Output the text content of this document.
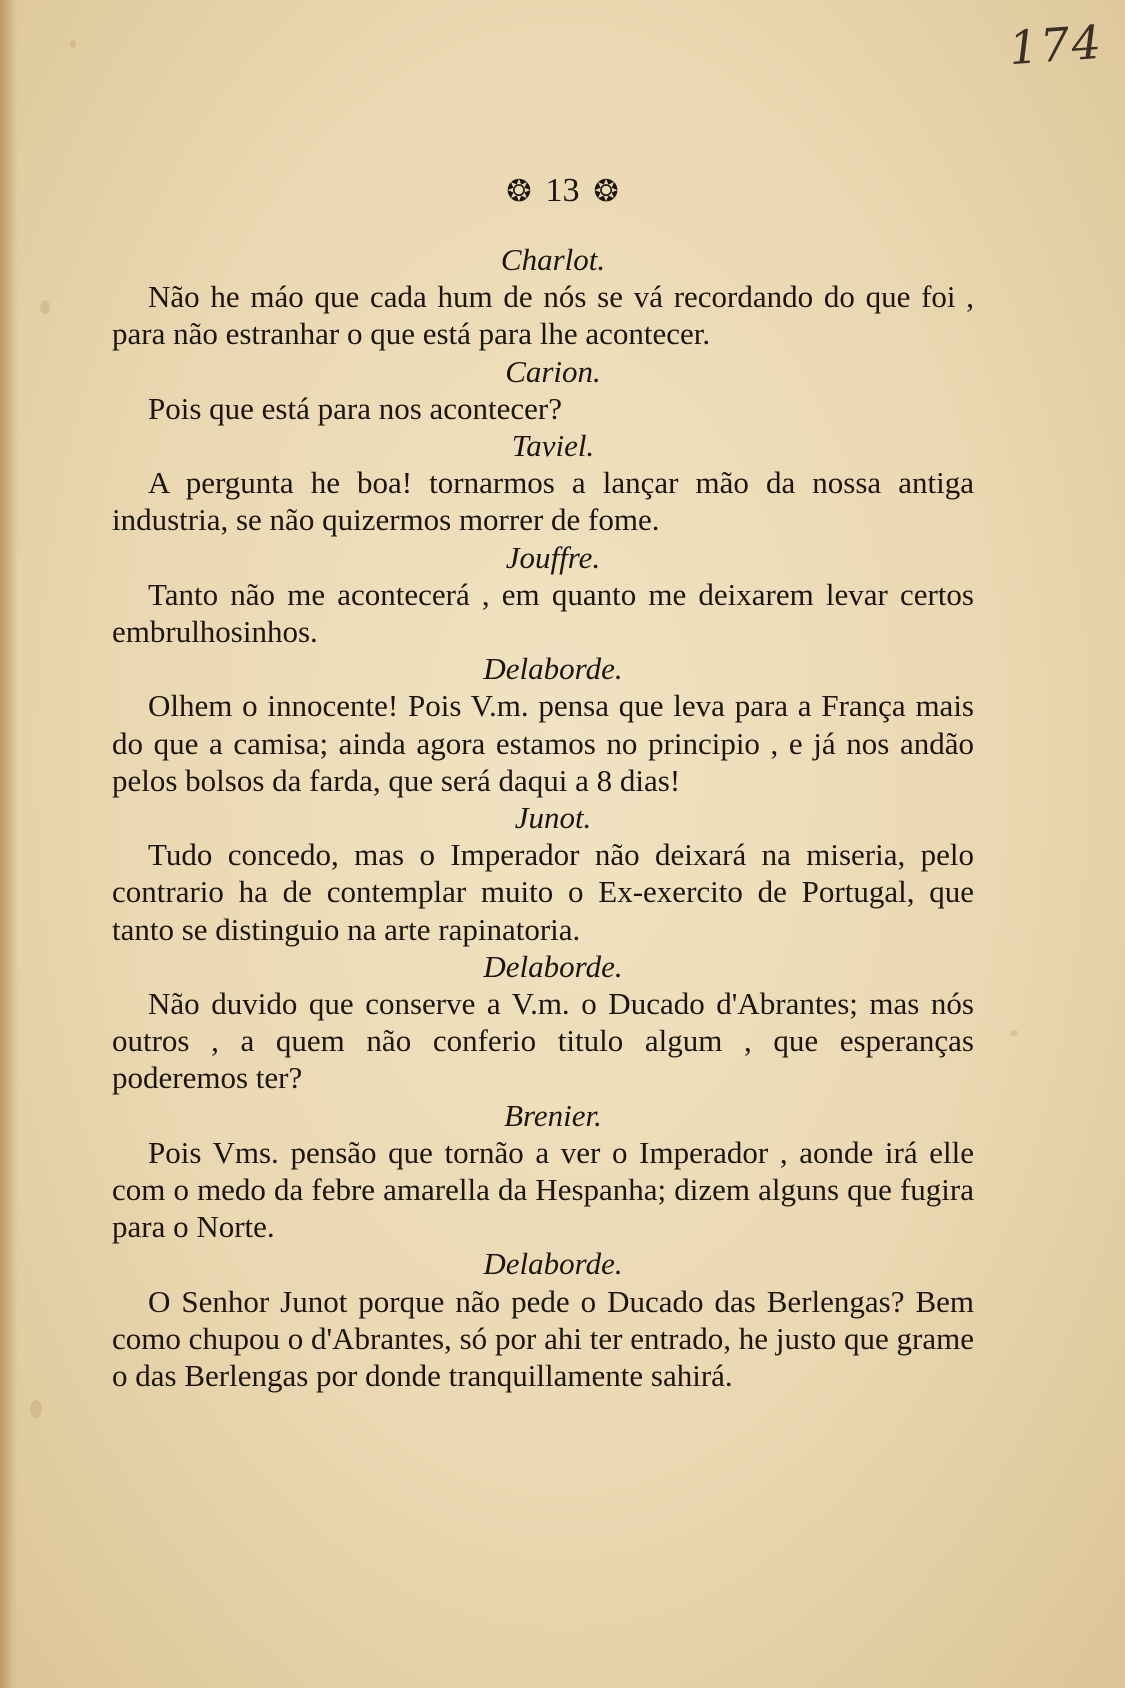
174
❂ 13 ❂
Charlot.

Não he máo que cada hum de nós se vá recordando do que foi , para não estranhar o que está para lhe acontecer.

Carion.

Pois que está para nos acontecer?

Taviel.

A pergunta he boa! tornarmos a lançar mão da nossa antiga industria, se não quizermos morrer de fome.

Jouffre.

Tanto não me acontecerá , em quanto me deixarem levar certos embrulhosinhos.

Delaborde.

Olhem o innocente! Pois V.m. pensa que leva para a França mais do que a camisa; ainda agora estamos no principio , e já nos andão pelos bolsos da farda, que será daqui a 8 dias!

Junot.

Tudo concedo, mas o Imperador não deixará na miseria, pelo contrario ha de contemplar muito o Ex-exercito de Portugal, que tanto se distinguio na arte rapinatoria.

Delaborde.

Não duvido que conserve a V.m. o Ducado d'Abrantes; mas nós outros , a quem não conferio titulo algum , que esperanças poderemos ter?

Brenier.

Pois Vms. pensão que tornão a ver o Imperador , aonde irá elle com o medo da febre amarella da Hespanha; dizem alguns que fugira para o Norte.

Delaborde.

O Senhor Junot porque não pede o Ducado das Berlengas? Bem como chupou o d'Abrantes, só por ahi ter entrado, he justo que grame o das Berlengas por donde tranquillamente sahirá.
